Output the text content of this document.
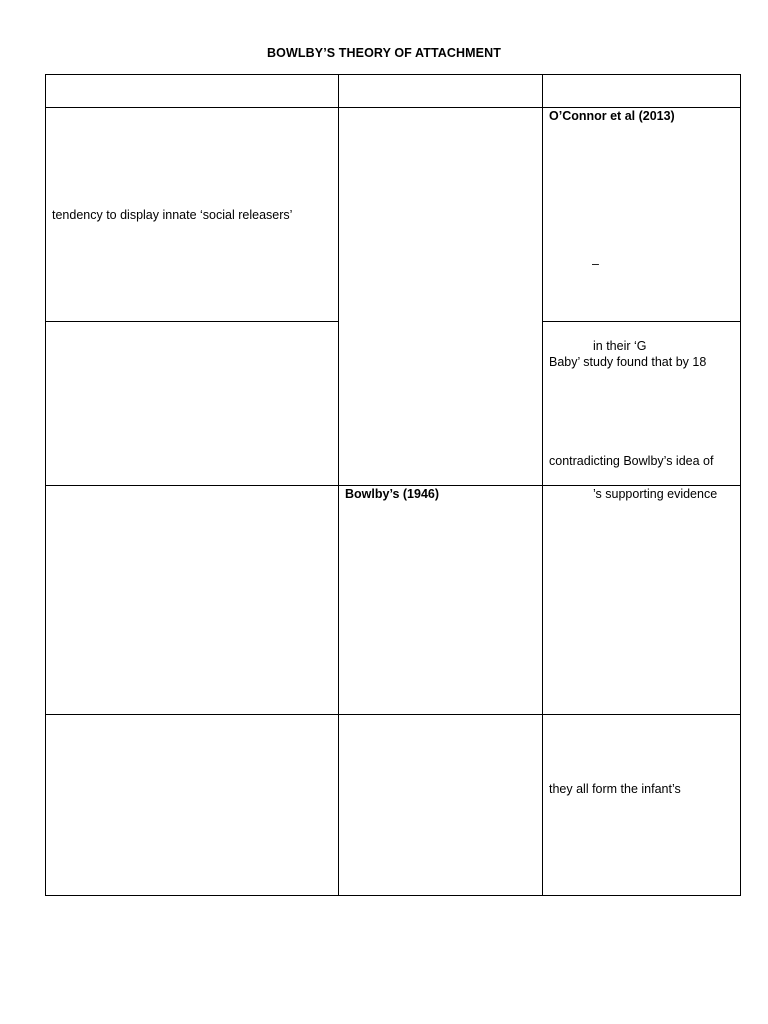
BOWLBY’S THEORY OF ATTACHMENT
tendency to display innate ‘social releasers’
O’Connor et al (2013)
–
in their ‘G
Baby’ study found that by 18
contradicting Bowlby’s idea of
Bowlby’s (1946)	’s supporting evidence
they all form the infant’s
